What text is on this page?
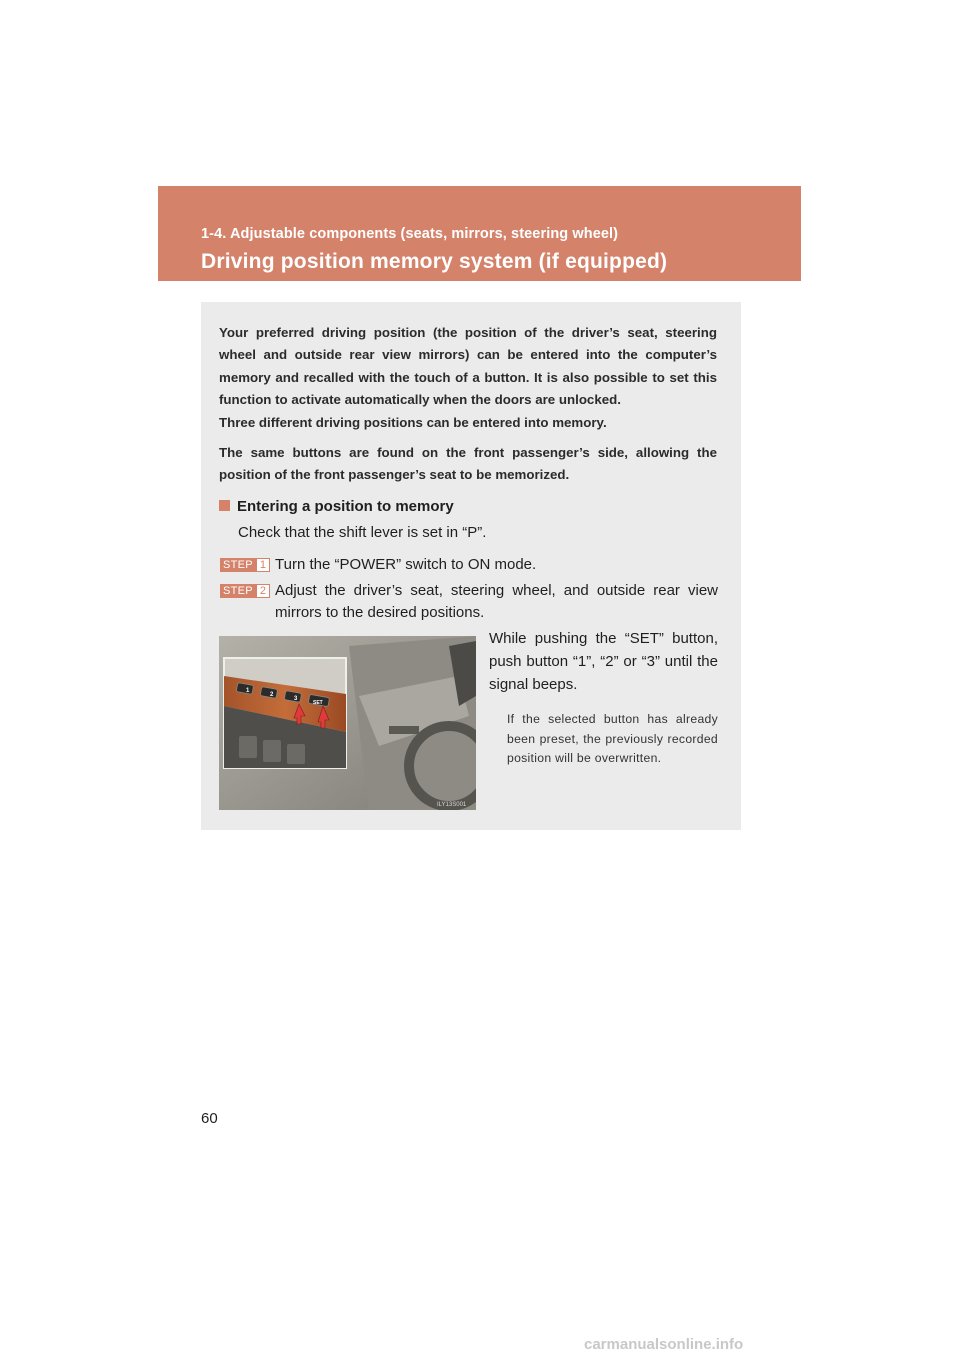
1-4. Adjustable components (seats, mirrors, steering wheel)
Driving position memory system (if equipped)

Your preferred driving position (the position of the driver’s seat, steering wheel and outside rear view mirrors) can be entered into the computer’s memory and recalled with the touch of a button. It is also possible to set this function to activate automatically when the doors are unlocked.

Three different driving positions can be entered into memory.

The same buttons are found on the front passenger’s side, allowing the position of the front passenger’s seat to be memorized.

Entering a position to memory
Check that the shift lever is set in “P”.
STEP 1 Turn the “POWER” switch to ON mode.
STEP 2 Adjust the driver’s seat, steering wheel, and outside rear view mirrors to the desired positions.
1
2
3
SET
ILY13S001
While pushing the “SET” button, push button “1”, “2” or “3” until the signal beeps.
If the selected button has already been preset, the previously recorded position will be overwritten.
60
carmanualsonline.info
